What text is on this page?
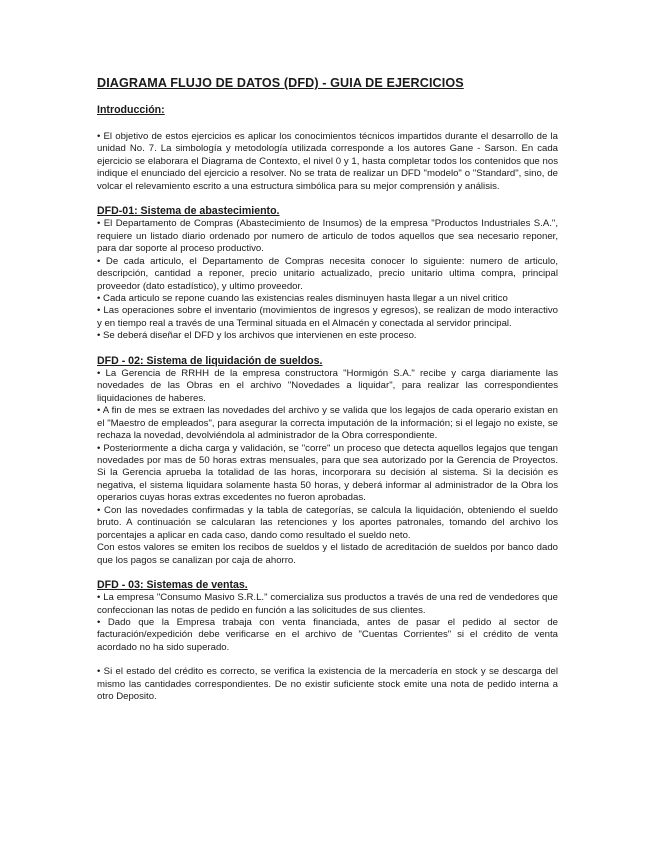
DIAGRAMA FLUJO DE DATOS (DFD) - GUIA DE EJERCICIOS
Introducción:

• El objetivo de estos ejercicios es aplicar los conocimientos técnicos impartidos durante el desarrollo de la unidad No. 7. La simbología y metodología utilizada corresponde a los autores Gane - Sarson. En cada ejercicio se elaborara el Diagrama de Contexto, el nivel 0 y 1, hasta completar todos los contenidos que nos indique el enunciado del ejercicio a resolver. No se trata de realizar un DFD "modelo" o "Standard", sino, de volcar el relevamiento escrito a una estructura simbólica para su mejor comprensión y análisis.

DFD-01: Sistema de abastecimiento.

• El Departamento de Compras (Abastecimiento de Insumos) de la empresa "Productos Industriales S.A.", requiere un listado diario ordenado por numero de articulo de todos aquellos que sea necesario reponer, para dar soporte al proceso productivo.

• De cada articulo, el Departamento de Compras necesita conocer lo siguiente: numero de articulo, descripción, cantidad a reponer, precio unitario actualizado, precio unitario ultima compra, principal proveedor (dato estadístico), y ultimo proveedor.

• Cada articulo se repone cuando las existencias reales disminuyen hasta llegar a un nivel critico

• Las operaciones sobre el inventario (movimientos de ingresos y egresos), se realizan de modo interactivo y en tiempo real a través de una Terminal situada en el Almacén y conectada al servidor principal.

• Se deberá diseñar el DFD y los archivos que intervienen en este proceso.

DFD - 02: Sistema de liquidación de sueldos.

• La Gerencia de RRHH de la empresa constructora "Hormigón S.A." recibe y carga diariamente las novedades de las Obras en el archivo "Novedades a liquidar", para realizar las correspondientes liquidaciones de haberes.

• A fin de mes se extraen las novedades del archivo y se valida que los legajos de cada operario existan en el "Maestro de empleados", para asegurar la correcta imputación de la información; si el legajo no existe, se rechaza la novedad, devolviéndola al administrador de la Obra correspondiente.

• Posteriormente a dicha carga y validación, se "corre" un proceso que detecta aquellos legajos que tengan novedades por mas de 50 horas extras mensuales, para que sea autorizado por la Gerencia de Proyectos. Si la Gerencia aprueba la totalidad de las horas, incorporara su decisión al sistema. Si la decisión es negativa, el sistema liquidara solamente hasta 50 horas, y deberá informar al administrador de la Obra los operarios cuyas horas extras excedentes no fueron aprobadas.

• Con las novedades confirmadas y la tabla de categorías, se calcula la liquidación, obteniendo el sueldo bruto. A continuación se calcularan las retenciones y los aportes patronales, tomando del archivo los porcentajes a aplicar en cada caso, dando como resultado el sueldo neto.

Con estos valores se emiten los recibos de sueldos y el listado de acreditación de sueldos por banco dado que los pagos se canalizan por caja de ahorro.

DFD - 03: Sistemas de ventas.

• La empresa "Consumo Masivo S.R.L." comercializa sus productos a través de una red de vendedores que confeccionan las notas de pedido en función a las solicitudes de sus clientes.

• Dado que la Empresa trabaja con venta financiada, antes de pasar el pedido al sector de facturación/expedición debe verificarse en el archivo de "Cuentas Corrientes" si el crédito de venta acordado no ha sido superado.

• Si el estado del crédito es correcto, se verifica la existencia de la mercadería en stock y se descarga del mismo las cantidades correspondientes. De no existir suficiente stock emite una nota de pedido interna a otro Deposito.
